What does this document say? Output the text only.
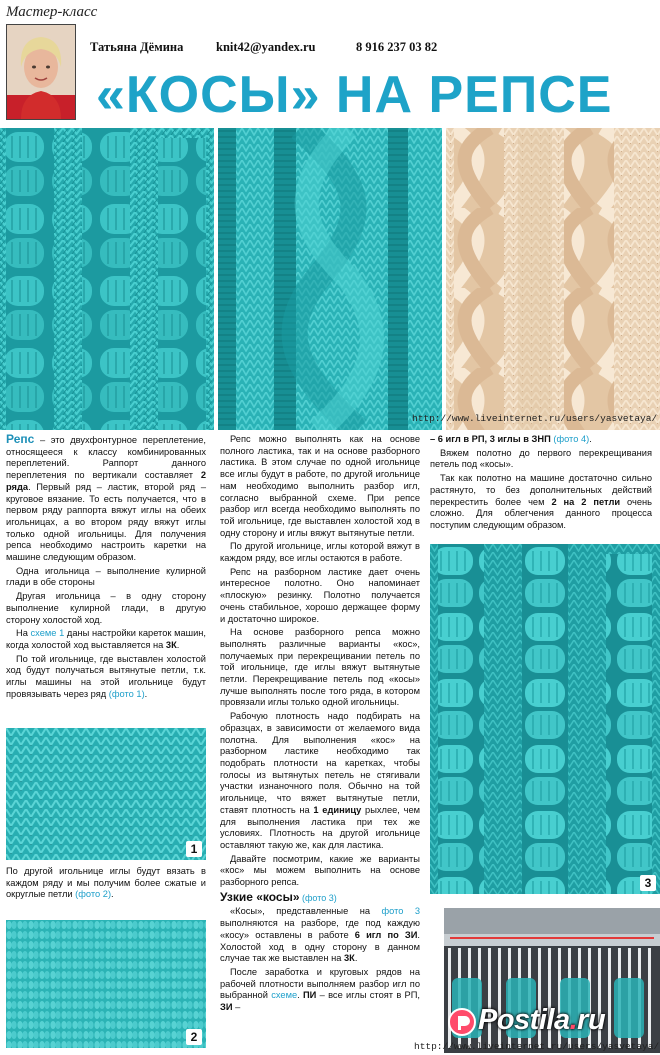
Мастер-класс
Татьяна Дёмина	knit42@yandex.ru	8 916 237 03 82
«КОСЫ» НА РЕПСЕ
http://www.liveinternet.ru/users/yasvetaya/

Репс – это двухфонтурное переплетение, относящееся к классу комбинированных переплетений. Раппорт данного переплетения по вертикали составляет 2 ряда. Первый ряд – ластик, второй ряд – круговое вязание. То есть получается, что в первом ряду раппорта вяжут иглы на обеих игольницах, а во втором ряду вяжут иглы только одной игольницы. Для получения репса необходимо настроить каретки на машине следующим образом.

Одна игольница – выполнение кулирной глади в обе стороны

Другая игольница – в одну сторону выполнение кулирной глади, в другую сторону холостой ход.

На схеме 1 даны настройки кареток машин, когда холостой ход выставляется на 3К.

По той игольнице, где выставлен холостой ход будут получаться вытянутые петли, т.к. иглы машины на этой игольнице будут провязывать через ряд (фото 1).

1

По другой игольнице иглы будут вязать в каждом ряду и мы получим более сжатые и округлые петли (фото 2).

2

Репс можно выполнять как на основе полного ластика, так и на основе разборного ластика. В этом случае по одной игольнице все иглы будут в работе, по другой игольнице нам необходимо выполнить разбор игл, согласно выбранной схеме. При репсе разбор игл всегда необходимо выполнять по той игольнице, где выставлен холостой ход в одну сторону и иглы вяжут вытянутые петли.

По другой игольнице, иглы которой вяжут в каждом ряду, все иглы остаются в работе.

Репс на разборном ластике дает очень интересное полотно. Оно напоминает «плоскую» резинку. Полотно получается очень стабильное, хорошо держащее форму и достаточно широкое.

На основе разборного репса можно выполнять различные варианты «кос», получаемых при перекрещивании петель по той игольнице, где иглы вяжут вытянутые петли. Перекрещивание петель под «косы» лучше выполнять после того ряда, в котором провязали иглы только одной игольницы.

Рабочую плотность надо подбирать на образцах, в зависимости от желаемого вида полотна. Для выполнения «кос» на разборном ластике необходимо так подобрать плотности на каретках, чтобы голосы из вытянутых петель не стягивали участки изнаночного поля. Обычно на той игольнице, что вяжет вытянутые петли, ставят плотность на 1 единицу рыхлее, чем для выполнения ластика при тех же условиях. Плотность на другой игольнице оставляют такую же, как для ластика.

Давайте посмотрим, какие же варианты «кос» мы можем выполнить на основе разборного репса.

Узкие «косы» (фото 3)

«Косы», представленные на фото 3 выполняются на разборе, где под каждую «косу» оставлены в работе 6 игл по ЗИ. Холостой ход в одну сторону в данном случае так же выставлен на 3К.

После заработка и круговых рядов на рабочей плотности выполняем разбор игл по выбранной схеме. ПИ – все иглы стоят в РП, ЗИ –

– 6 игл в РП, 3 иглы в ЗНП (фото 4).

Вяжем полотно до первого перекрещивания петель под «косы».

Так как полотно на машине достаточно сильно растянуто, то без дополнительных действий перекрестить более чем 2 на 2 петли очень сложно. Для облегчения данного процесса поступим следующим образом.

3
Postila.ru
http://www.liveinternet.ru/users/yasvetaya/
